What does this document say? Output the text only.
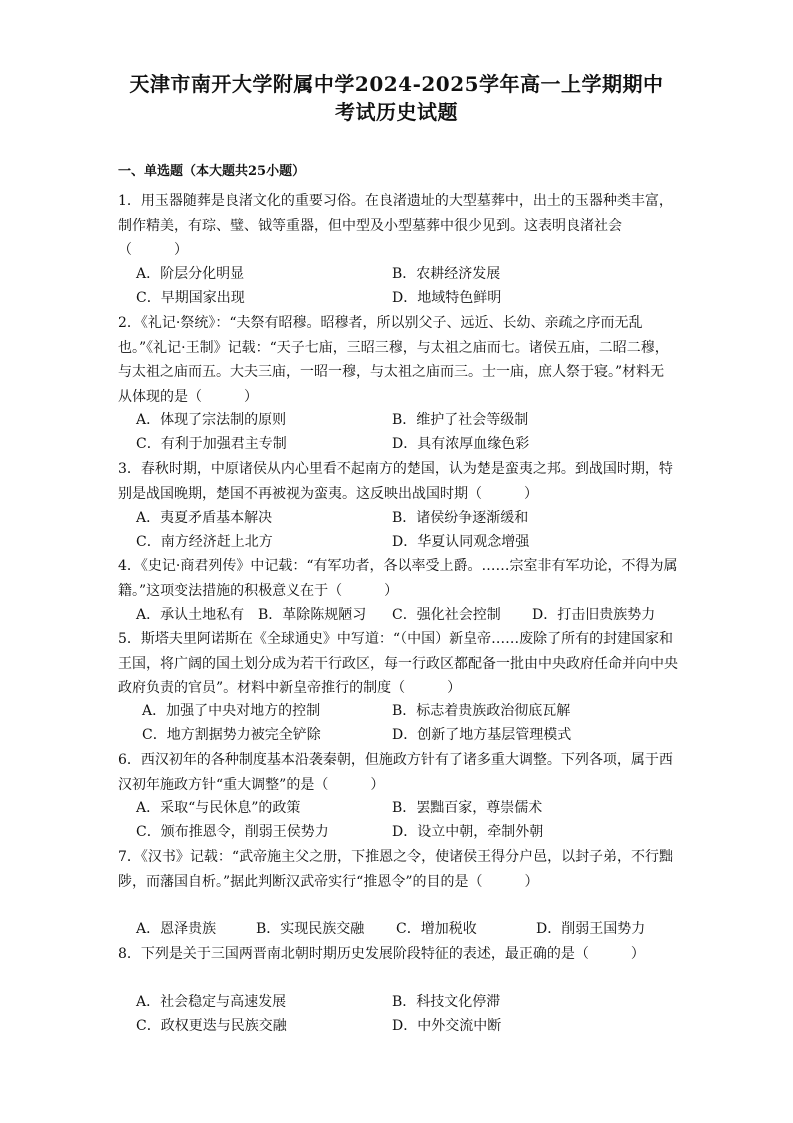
天津市南开大学附属中学2024-2025学年高一上学期期中
考试历史试题
一、单选题（本大题共25小题）
1．用玉器随葬是良渚文化的重要习俗。在良渚遗址的大型墓葬中，出土的玉器种类丰富，制作精美，有琮、璧、钺等重器，但中型及小型墓葬中很少见到。这表明良渚社会（　　　）
A．阶层分化明显	B．农耕经济发展
C．早期国家出现	D．地域特色鲜明
2．《礼记·祭统》：“夫祭有昭穆。昭穆者，所以别父子、远近、长幼、亲疏之序而无乱也。”《礼记·王制》记载：“天子七庙，三昭三穆，与太祖之庙而七。诸侯五庙，二昭二穆，与太祖之庙而五。大夫三庙，一昭一穆，与太祖之庙而三。士一庙，庶人祭于寝。”材料无从体现的是（　　　）
A．体现了宗法制的原则	B．维护了社会等级制
C．有利于加强君主专制	D．具有浓厚血缘色彩
3．春秋时期，中原诸侯从内心里看不起南方的楚国，认为楚是蛮夷之邦。到战国时期，特别是战国晚期，楚国不再被视为蛮夷。这反映出战国时期（　　　）
A．夷夏矛盾基本解决	B．诸侯纷争逐渐缓和
C．南方经济赶上北方	D．华夏认同观念增强
4．《史记·商君列传》中记载：“有军功者，各以率受上爵。……宗室非有军功论，不得为属籍。”这项变法措施的积极意义在于（　　　）
A．承认土地私有 B．革除陈规陋习 C．强化社会控制 D．打击旧贵族势力
5．斯塔夫里阿诺斯在《全球通史》中写道：“（中国）新皇帝……废除了所有的封建国家和王国，将广阔的国土划分成为若干行政区，每一行政区都配备一批由中央政府任命并向中央政府负责的官员”。材料中新皇帝推行的制度（　　　）
A．加强了中央对地方的控制	B．标志着贵族政治彻底瓦解
C．地方割据势力被完全铲除	D．创新了地方基层管理模式
6．西汉初年的各种制度基本沿袭秦朝，但施政方针有了诸多重大调整。下列各项，属于西汉初年施政方针“重大调整”的是（　　　）
A．采取“与民休息”的政策	B．罢黜百家，尊崇儒术
C．颁布推恩令，削弱王侯势力	D．设立中朝，牵制外朝
7．《汉书》记载：“武帝施主父之册，下推恩之令，使诸侯王得分户邑，以封子弟，不行黜陟，而藩国自析。”据此判断汉武帝实行“推恩令”的目的是（　　　）
A．恩泽贵族	B．实现民族交融 C．增加税收	D．削弱王国势力
8．下列是关于三国两晋南北朝时期历史发展阶段特征的表述，最正确的是（　　　）
A．社会稳定与高速发展	B．科技文化停滞
C．政权更迭与民族交融	D．中外交流中断
